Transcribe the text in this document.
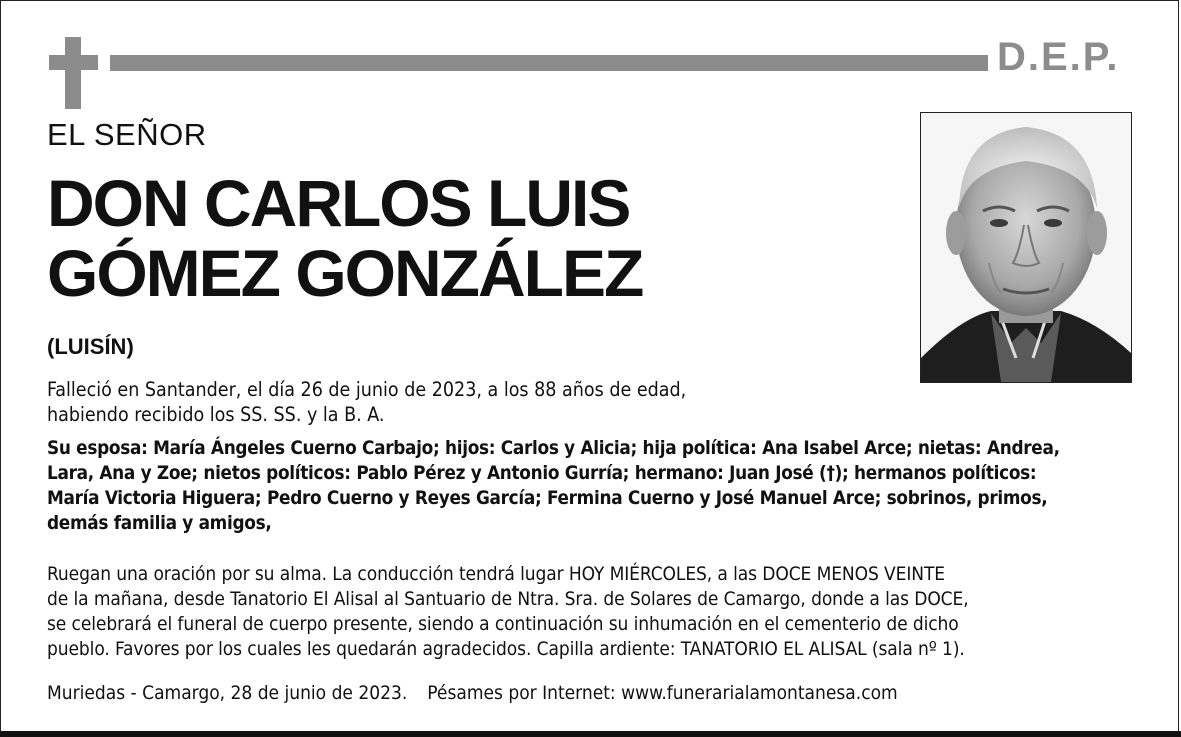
D.E.P.
EL SEÑOR
DON CARLOS LUIS
GÓMEZ GONZÁLEZ
(LUISÍN)
Falleció en Santander, el día 26 de junio de 2023, a los 88 años de edad,
habiendo recibido los SS. SS. y la B. A.
Su esposa: María Ángeles Cuerno Carbajo; hijos: Carlos y Alicia; hija política: Ana Isabel Arce; nietas: Andrea,
Lara, Ana y Zoe; nietos políticos: Pablo Pérez y Antonio Gurría; hermano: Juan José (†); hermanos políticos:
María Victoria Higuera; Pedro Cuerno y Reyes García; Fermina Cuerno y José Manuel Arce; sobrinos, primos,
demás familia y amigos,
Ruegan una oración por su alma. La conducción tendrá lugar HOY MIÉRCOLES, a las DOCE MENOS VEINTE
de la mañana, desde Tanatorio El Alisal al Santuario de Ntra. Sra. de Solares de Camargo, donde a las DOCE,
se celebrará el funeral de cuerpo presente, siendo a continuación su inhumación en el cementerio de dicho
pueblo. Favores por los cuales les quedarán agradecidos. Capilla ardiente: TANATORIO EL ALISAL (sala nº 1).
Muriedas - Camargo, 28 de junio de 2023. Pésames por Internet: www.funerarialamontanesa.com
